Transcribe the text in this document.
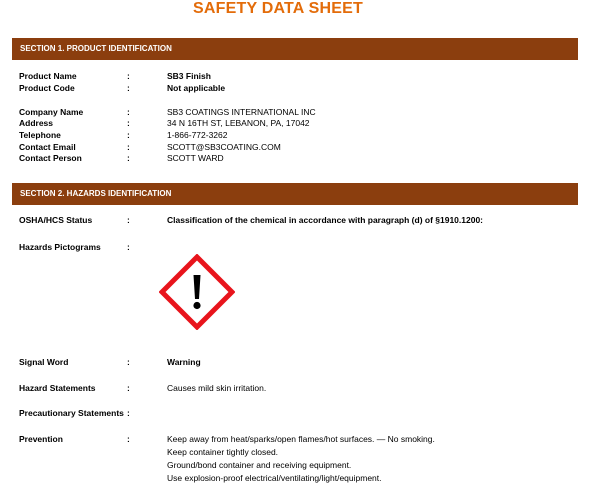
SAFETY DATA SHEET
SECTION 1. PRODUCT IDENTIFICATION
Product Name	:	SB3 Finish
Product Code	:	Not applicable
Company Name	:	SB3 COATINGS INTERNATIONAL INC
Address	:	34 N 16TH ST, LEBANON, PA, 17042
Telephone	:	1-866-772-3262
Contact Email	:	SCOTT@SB3COATING.COM
Contact Person	:	SCOTT WARD
SECTION 2. HAZARDS IDENTIFICATION
OSHA/HCS Status	:	Classification of the chemical in accordance with paragraph (d) of §1910.1200:
Hazards Pictograms	:
Signal Word	:	Warning
Hazard Statements	:	Causes mild skin irritation.
Precautionary Statements :
Prevention	:	Keep away from heat/sparks/open flames/hot surfaces. — No smoking.
Keep container tightly closed.
Ground/bond container and receiving equipment.
Use explosion-proof electrical/ventilating/light/equipment.
